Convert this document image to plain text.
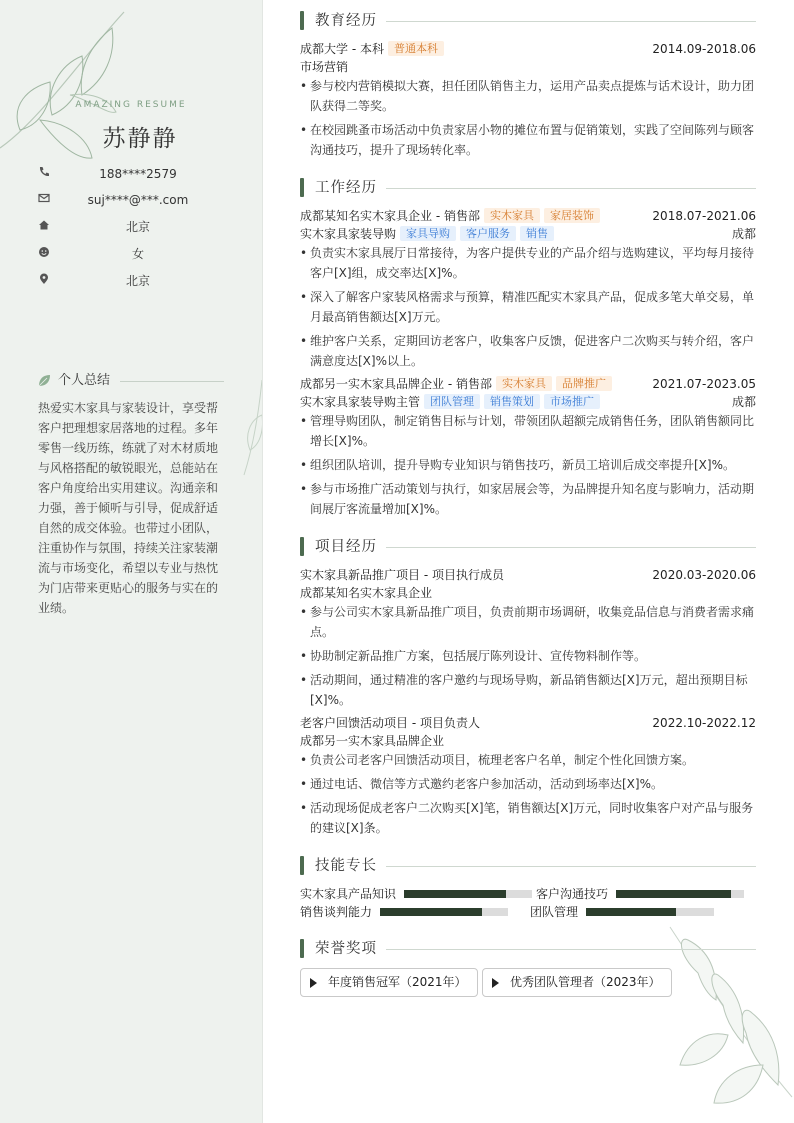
AMAZING RESUME
苏静静
188****2579
suj****@***.com
北京
女
北京
个人总结
热爱实木家具与家装设计，享受帮客户把理想家居落地的过程。多年零售一线历练，练就了对木材质地与风格搭配的敏锐眼光，总能站在客户角度给出实用建议。沟通亲和力强，善于倾听与引导，促成舒适自然的成交体验。也带过小团队，注重协作与氛围，持续关注家装潮流与市场变化，希望以专业与热忱为门店带来更贴心的服务与实在的业绩。
教育经历
成都大学 - 本科 普通本科	2014.09-2018.06
市场营销
• 参与校内营销模拟大赛，担任团队销售主力，运用产品卖点提炼与话术设计，助力团队获得二等奖。
• 在校园跳蚤市场活动中负责家居小物的摊位布置与促销策划，实践了空间陈列与顾客沟通技巧，提升了现场转化率。
工作经历
成都某知名实木家具企业 - 销售部 实木家具 家居装饰	2018.07-2021.06
实木家具家装导购 家具导购 客户服务 销售	成都
• 负责实木家具展厅日常接待，为客户提供专业的产品介绍与选购建议，平均每月接待客户[X]组，成交率达[X]%。
• 深入了解客户家装风格需求与预算，精准匹配实木家具产品，促成多笔大单交易，单月最高销售额达[X]万元。
• 维护客户关系，定期回访老客户，收集客户反馈，促进客户二次购买与转介绍，客户满意度达[X]%以上。
成都另一实木家具品牌企业 - 销售部 实木家具 品牌推广	2021.07-2023.05
实木家具家装导购主管 团队管理 销售策划 市场推广	成都
• 管理导购团队，制定销售目标与计划，带领团队超额完成销售任务，团队销售额同比增长[X]%。
• 组织团队培训，提升导购专业知识与销售技巧，新员工培训后成交率提升[X]%。
• 参与市场推广活动策划与执行，如家居展会等，为品牌提升知名度与影响力，活动期间展厅客流量增加[X]%。
项目经历
实木家具新品推广项目 - 项目执行成员	2020.03-2020.06
成都某知名实木家具企业
• 参与公司实木家具新品推广项目，负责前期市场调研，收集竞品信息与消费者需求痛点。
• 协助制定新品推广方案，包括展厅陈列设计、宣传物料制作等。
• 活动期间，通过精准的客户邀约与现场导购，新品销售额达[X]万元，超出预期目标[X]%。
老客户回馈活动项目 - 项目负责人	2022.10-2022.12
成都另一实木家具品牌企业
• 负责公司老客户回馈活动项目，梳理老客户名单，制定个性化回馈方案。
• 通过电话、微信等方式邀约老客户参加活动，活动到场率达[X]%。
• 活动现场促成老客户二次购买[X]笔，销售额达[X]万元，同时收集客户对产品与服务的建议[X]条。
技能专长
实木家具产品知识	客户沟通技巧
销售谈判能力	团队管理
荣誉奖项
年度销售冠军（2021年）	优秀团队管理者（2023年）
